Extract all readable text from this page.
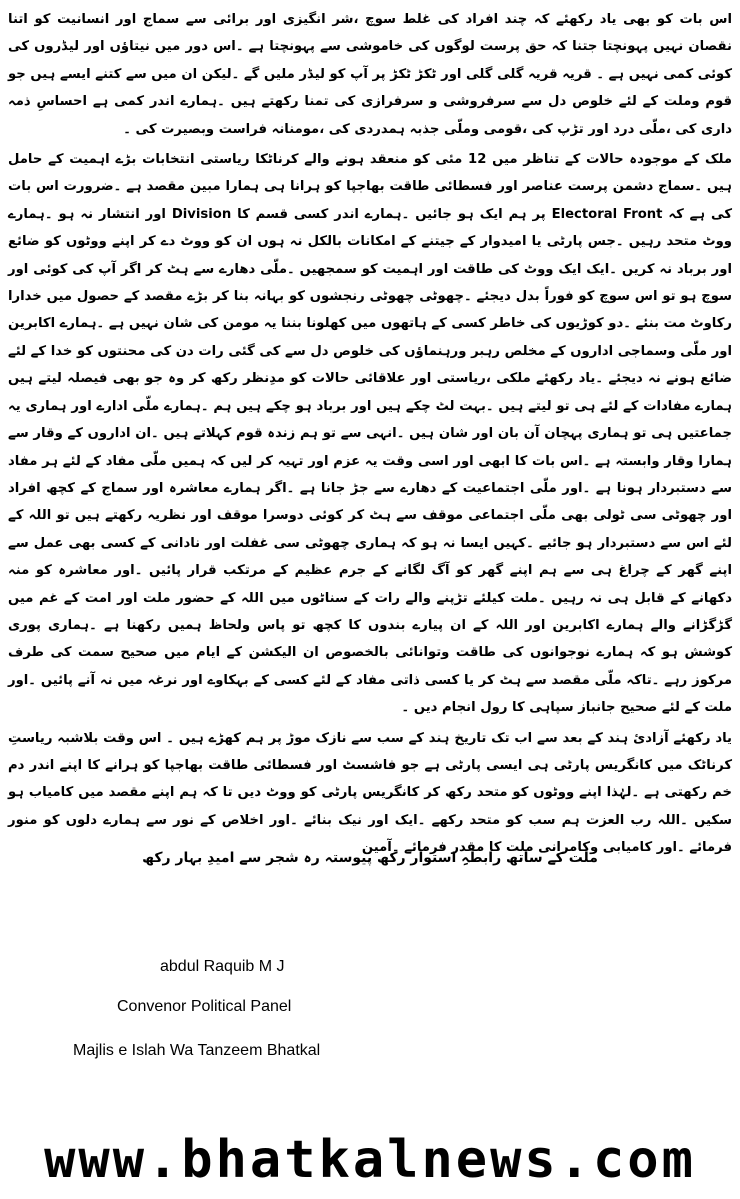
اس بات کو بھی یاد رکھئے کہ چند افراد کی غلط سوچ ،شر انگیزی اور برائی سے سماج اور انسانیت کو اتنا نقصان نہیں پہونچتا جتنا کہ حق پرست لوگوں کی خاموشی سے پہونچتا ہے ۔اس دور میں نیتاؤں اور لیڈروں کی کوئی کمی نہیں ہے ۔ قریہ قریہ گلی گلی اور ٹکڑ ٹکڑ پر آپ کو لیڈر ملیں گے ۔لیکن ان میں سے کتنے ایسے ہیں جو قوم وملت کے لئے خلوص دل سے سرفروشی و سرفرازی کی تمنا رکھتے ہیں ۔ہمارے اندر کمی ہے احساسِ ذمہ داری کی ،ملّی درد اور تڑپ کی ،قومی وملّی جذبہ ہمدردی کی ،مومنانہ فراست وبصیرت کی ۔

ملک کے موجودہ حالات کے تناظر میں 12 مئی کو منعقد ہونے والے کرناٹکا ریاستی انتخابات بڑے اہمیت کے حامل ہیں ۔سماج دشمن پرست عناصر اور فسطائی طاقت بھاجپا کو ہرانا ہی ہمارا مبین مقصد ہے ۔ضرورت اس بات کی ہے کہ Electoral Front پر ہم ایک ہو جائیں ۔ہمارے اندر کسی قسم کا Division اور انتشار نہ ہو ۔ہمارے ووٹ متحد رہیں ۔جس پارٹی یا امیدوار کے جیتنے کے امکانات بالکل نہ ہوں ان کو ووٹ دے کر اپنے ووٹوں کو ضائع اور برباد نہ کریں ۔ایک ایک ووٹ کی طاقت اور اہمیت کو سمجھیں ۔ملّی دھارے سے ہٹ کر اگر آپ کی کوئی اور سوچ ہو تو اس سوچ کو فوراً بدل دیجئے ۔چھوٹی چھوٹی رنجشوں کو بہانہ بنا کر بڑے مقصد کے حصول میں خدارا رکاوٹ مت بنئے ۔دو کوڑیوں کی خاطر کسی کے ہاتھوں میں کھلونا بننا یہ مومن کی شان نہیں ہے ۔ہمارے اکابرین اور ملّی وسماجی اداروں کے مخلص رہبر ورہنماؤں کی خلوص دل سے کی گئی رات دن کی محنتوں کو خدا کے لئے ضائع ہونے نہ دیجئے ۔یاد رکھئے ملکی ،ریاستی اور علاقائی حالات کو مدِنظر رکھ کر وہ جو بھی فیصلہ لیتے ہیں ہمارے مفادات کے لئے ہی تو لیتے ہیں ۔بہت لٹ چکے ہیں اور برباد ہو چکے ہیں ہم ۔ہمارے ملّی ادارے اور ہماری یہ جماعتیں ہی تو ہماری پہچان آن بان اور شان ہیں ۔انہی سے تو ہم زندہ قوم کہلاتے ہیں ۔ان اداروں کے وقار سے ہمارا وقار وابستہ ہے ۔اس بات کا ابھی اور اسی وقت یہ عزم اور تہیہ کر لیں کہ ہمیں ملّی مفاد کے لئے ہر مفاد سے دستبردار ہونا ہے ۔اور ملّی اجتماعیت کے دھارے سے جڑ جانا ہے ۔اگر ہمارے معاشرہ اور سماج کے کچھ افراد اور چھوٹی سی ٹولی بھی ملّی اجتماعی موقف سے ہٹ کر کوئی دوسرا موقف اور نظریہ رکھتے ہیں تو اللہ کے لئے اس سے دستبردار ہو جائیے ۔کہیں ایسا نہ ہو کہ ہماری چھوٹی سی غفلت اور نادانی کے کسی بھی عمل سے اپنے گھر کے چراغ ہی سے ہم اپنے گھر کو آگ لگانے کے جرم عظیم کے مرتکب قرار پائیں ۔اور معاشرہ کو منہ دکھانے کے قابل ہی نہ رہیں ۔ملت کیلئے تڑپنے والے رات کے سناٹوں میں اللہ کے حضور ملت اور امت کے غم میں گڑگڑانے والے ہمارے اکابرین اور اللہ کے ان پیارے بندوں کا کچھ تو پاس ولحاظ ہمیں رکھنا ہے ۔ہماری پوری کوشش ہو کہ ہمارے نوجوانوں کی طاقت وتوانائی بالخصوص ان الیکشن کے ایام میں صحیح سمت کی طرف مرکوز رہے ۔تاکہ ملّی مقصد سے ہٹ کر یا کسی ذاتی مفاد کے لئے کسی کے بہکاوے اور نرغہ میں نہ آنے پائیں ۔اور ملت کے لئے صحیح جانباز سپاہی کا رول انجام دیں ۔

یاد رکھئے آزادئ ہند کے بعد سے اب تک تاریخ ہند کے سب سے نازک موڑ پر ہم کھڑے ہیں ۔ اس وقت بلاشبہ ریاستِ کرناٹک میں کانگریس پارٹی ہی ایسی پارٹی ہے جو فاشسٹ اور فسطائی طاقت بھاجپا کو ہرانے کا اپنے اندر دم خم رکھتی ہے ۔لہٰذا اپنے ووٹوں کو متحد رکھ کر کانگریس پارٹی کو ووٹ دیں تا کہ ہم اپنے مقصد میں کامیاب ہو سکیں ۔اللہ رب العزت ہم سب کو متحد رکھے ۔ایک اور نیک بنائے ۔اور اخلاص کے نور سے ہمارے دلوں کو منور فرمائے ۔اور کامیابی وکامرانی ملت کا مقدر فرمائے ۔آمین

ملت کے ساتھ رابطہِ استوار رکھ پیوستہ رہ شجر سے امیدِ بہار رکھ
abdul Raquib M J
Convenor Political Panel
Majlis e Islah Wa Tanzeem Bhatkal
www.bhatkalnews.com
